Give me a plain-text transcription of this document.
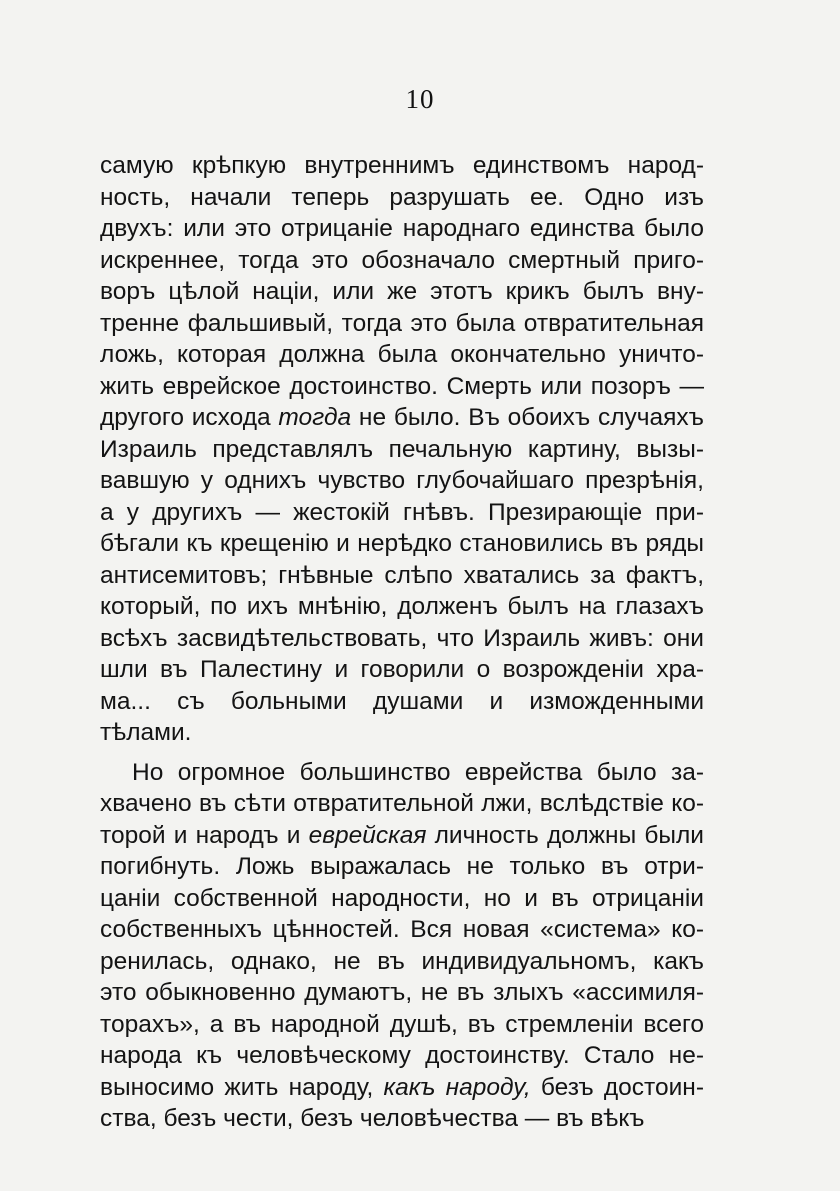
10
самую крѣпкую внутреннимъ единствомъ народ-
ность, начали теперь разрушать ее. Одно изъ
двухъ: или это отрицаніе народнаго единства было
искреннее, тогда это обозначало смертный приго-
воръ цѣлой націи, или же этотъ крикъ былъ вну-
тренне фальшивый, тогда это была отвратительная
ложь, которая должна была окончательно уничто-
жить еврейское достоинство. Смерть или позоръ —
другого исхода тогда не было. Въ обоихъ случаяхъ
Израиль представлялъ печальную картину, вызы-
вавшую у однихъ чувство глубочайшаго презрѣнія,
а у другихъ — жестокій гнѣвъ. Презирающіе при-
бѣгали къ крещенію и нерѣдко становились въ ряды
антисемитовъ; гнѣвные слѣпо хватались за фактъ,
который, по ихъ мнѣнію, долженъ былъ на глазахъ
всѣхъ засвидѣтельствовать, что Израиль живъ: они
шли въ Палестину и говорили о возрожденіи хра-
ма... съ больными душами и изможденными
тѣлами.
Но огромное большинство еврейства было за-
хвачено въ сѣти отвратительной лжи, вслѣдствіе ко-
торой и народъ и еврейская личность должны были
погибнуть. Ложь выражалась не только въ отри-
цаніи собственной народности, но и въ отрицаніи
собственныхъ цѣнностей. Вся новая «система» ко-
ренилась, однако, не въ индивидуальномъ, какъ
это обыкновенно думаютъ, не въ злыхъ «ассимиля-
торахъ», а въ народной душѣ, въ стремленіи всего
народа къ человѣческому достоинству. Стало не-
выносимо жить народу, какъ народу, безъ достоин-
ства, безъ чести, безъ человѣчества — въ вѣкъ
